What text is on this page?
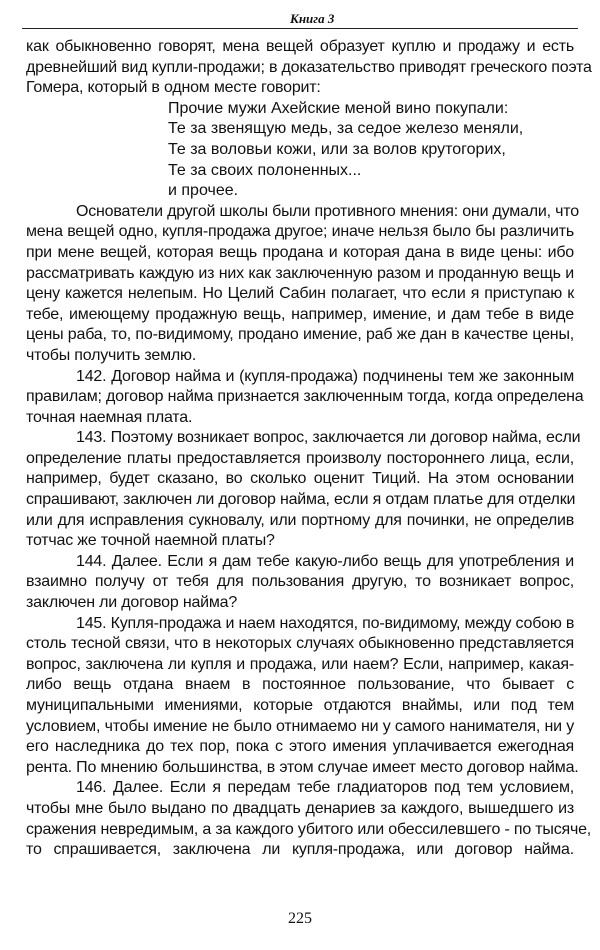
Книга 3
как обыкновенно говорят, мена вещей образует куплю и продажу и есть
древнейший вид купли-продажи; в доказательство приводят греческого поэта
Гомера, который в одном месте говорит:
Прочие мужи Ахейские меной вино покупали:
Те за звенящую медь, за седое железо меняли,
Те за воловьи кожи, или за волов крутогорих,
Те за своих полоненных...
и прочее.
Основатели другой школы были противного мнения: они думали, что
мена вещей одно, купля-продажа другое; иначе нельзя было бы различить
при мене вещей, которая вещь продана и которая дана в виде цены: ибо
рассматривать каждую из них как заключенную разом и проданную вещь и
цену кажется нелепым. Но Целий Сабин полагает, что если я приступаю к
тебе, имеющему продажную вещь, например, имение, и дам тебе в виде
цены раба, то, по-видимому, продано имение, раб же дан в качестве цены,
чтобы получить землю.
142. Договор найма и (купля-продажа) подчинены тем же законным
правилам; договор найма признается заключенным тогда, когда определена
точная наемная плата.
143. Поэтому возникает вопрос, заключается ли договор найма, если
определение платы предоставляется произволу постороннего лица, если,
например, будет сказано, во сколько оценит Тиций. На этом основании
спрашивают, заключен ли договор найма, если я отдам платье для отделки
или для исправления сукновалу, или портному для починки, не определив
тотчас же точной наемной платы?
144. Далее. Если я дам тебе какую-либо вещь для употребления и
взаимно получу от тебя для пользования другую, то возникает вопрос,
заключен ли договор найма?
145. Купля-продажа и наем находятся, по-видимому, между собою в
столь тесной связи, что в некоторых случаях обыкновенно представляется
вопрос, заключена ли купля и продажа, или наем? Если, например, какая-
либо вещь отдана внаем в постоянное пользование, что бывает с
муниципальными имениями, которые отдаются внаймы, или под тем
условием, чтобы имение не было отнимаемо ни у самого нанимателя, ни у
его наследника до тех пор, пока с этого имения уплачивается ежегодная
рента. По мнению большинства, в этом случае имеет место договор найма.
146. Далее. Если я передам тебе гладиаторов под тем условием,
чтобы мне было выдано по двадцать денариев за каждого, вышедшего из
сражения невредимым, а за каждого убитого или обессилевшего - по тысяче,
то спрашивается, заключена ли купля-продажа, или договор найма.
225
